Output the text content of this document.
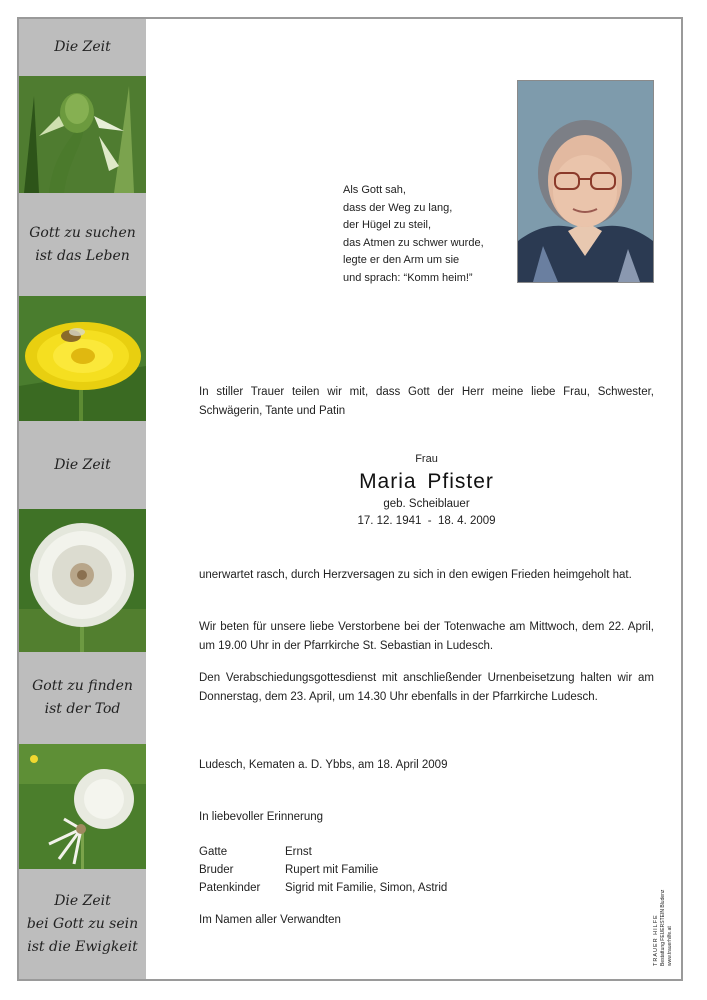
Die Zeit
Gott zu suchen
ist das Leben
Die Zeit
Gott zu finden
ist der Tod
Die Zeit
bei Gott zu sein
ist die Ewigkeit
Als Gott sah,
dass der Weg zu lang,
der Hügel zu steil,
das Atmen zu schwer wurde,
legte er den Arm um sie
und sprach: “Komm heim!”
In stiller Trauer teilen wir mit, dass Gott der Herr meine liebe Frau, Schwester, Schwägerin, Tante und Patin
Frau
Maria Pfister
geb. Scheiblauer
17. 12. 1941  -  18. 4. 2009
unerwartet rasch, durch Herzversagen zu sich in den ewigen Frieden heimgeholt hat.
Wir beten für unsere liebe Verstorbene bei der Totenwache am Mittwoch, dem 22. April, um 19.00 Uhr in der Pfarrkirche St. Sebastian in Ludesch.
Den Verabschiedungsgottesdienst mit anschließender Urnenbeisetzung halten wir am Donnerstag, dem 23. April, um 14.30 Uhr ebenfalls in der Pfarrkirche Ludesch.
Ludesch, Kematen a. D. Ybbs, am 18. April 2009
In liebevoller Erinnerung
Gatte	Ernst
Bruder	Rupert mit Familie
Patenkinder	Sigrid mit Familie, Simon, Astrid
Im Namen aller Verwandten	TRAUER HILFE Bestattung FEUERSTEIN Bludenz www.trauerhilfe.at
